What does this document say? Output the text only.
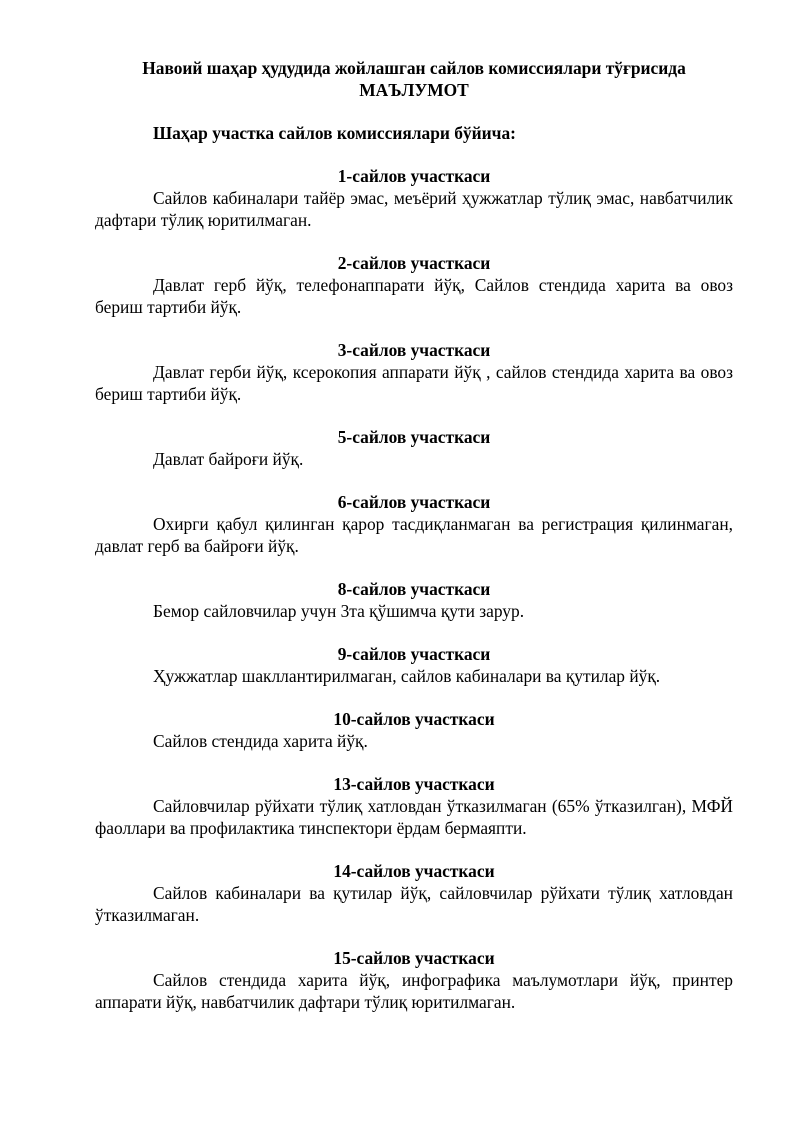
Навоий шаҳар ҳудудида жойлашган сайлов комиссиялари тўғрисида

МАЪЛУМОТ

Шаҳар участка сайлов комиссиялари бўйича:

1-сайлов участкаси

Сайлов кабиналари тайёр эмас, меъёрий ҳужжатлар тўлиқ эмас, навбатчилик дафтари тўлиқ юритилмаган.

2-сайлов участкаси

Давлат герб йўқ, телефонаппарати йўқ, Сайлов стендида харита ва овоз бериш тартиби йўқ.

3-сайлов участкаси

Давлат герби йўқ, ксерокопия аппарати йўқ , сайлов стендида харита ва овоз бериш тартиби йўқ.

5-сайлов участкаси

Давлат байроғи йўқ.

6-сайлов участкаси

Охирги қабул қилинган қарор тасдиқланмаган ва регистрация қилинмаган, давлат герб ва байроғи йўқ.

8-сайлов участкаси

Бемор сайловчилар учун 3та қўшимча қути зарур.

9-сайлов участкаси

Ҳужжатлар шакллантирилмаган, сайлов кабиналари ва қутилар йўқ.

10-сайлов участкаси

Сайлов стендида харита йўқ.

13-сайлов участкаси

Сайловчилар рўйхати тўлиқ хатловдан ўтказилмаган (65% ўтказилган), МФЙ фаоллари ва профилактика тинспектори ёрдам бермаяпти.

14-сайлов участкаси

Сайлов кабиналари ва қутилар йўқ, сайловчилар рўйхати тўлиқ хатловдан ўтказилмаган.

15-сайлов участкаси

Сайлов стендида харита йўқ, инфографика маълумотлари йўқ, принтер аппарати йўқ, навбатчилик дафтари тўлиқ юритилмаган.
